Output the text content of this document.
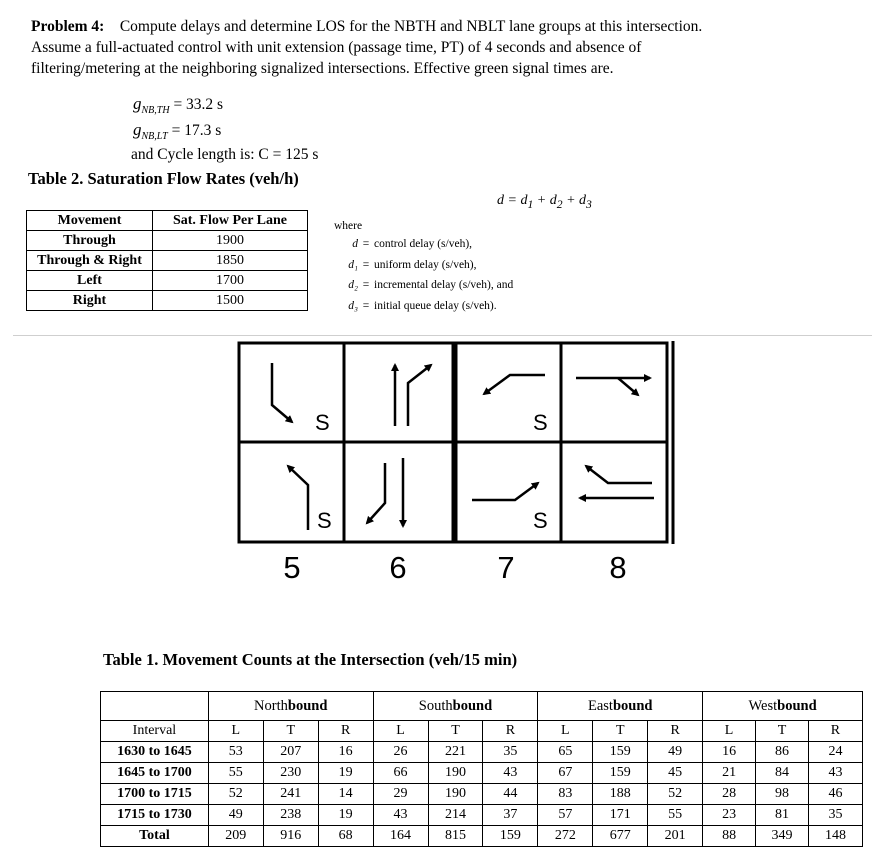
Problem 4: Compute delays and determine LOS for the NBTH and NBLT lane groups at this intersection. Assume a full-actuated control with unit extension (passage time, PT) of 4 seconds and absence of filtering/metering at the neighboring signalized intersections. Effective green signal times are.
$g_{NB,TH} = 33.2$ s
$g_{NB,LT} = 17.3$ s
and Cycle length is: C = 125 s
Table 2. Saturation Flow Rates (veh/h)
Movement	Sat. Flow Per Lane
Through	1900
Through & Right	1850
Left	1700
Right	1500
$d = d_1 + d_2 + d_3$
where
d = control delay (s/veh),
d₁ = uniform delay (s/veh),
d₂ = incremental delay (s/veh), and
d₃ = initial queue delay (s/veh).
S
S
S
S
5	6	7	8
Table 1. Movement Counts at the Intersection (veh/15 min)
	Northbound			Southbound			Eastbound			Westbound		
Interval	L	T	R	L	T	R	L	T	R	L	T	R
1630 to 1645	53	207	16	26	221	35	65	159	49	16	86	24
1645 to 1700	55	230	19	66	190	43	67	159	45	21	84	43
1700 to 1715	52	241	14	29	190	44	83	188	52	28	98	46
1715 to 1730	49	238	19	43	214	37	57	171	55	23	81	35
Total	209	916	68	164	815	159	272	677	201	88	349	148
